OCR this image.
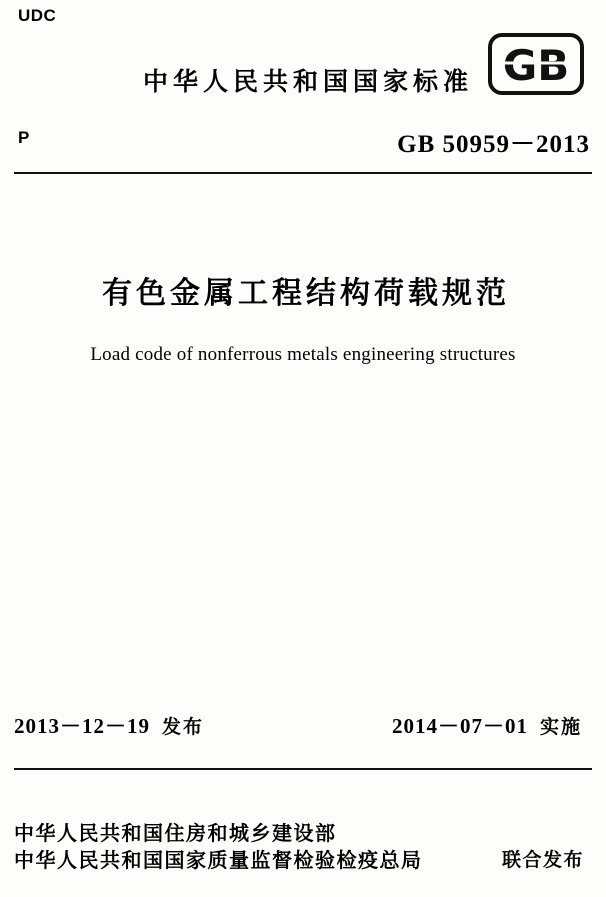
UDC
中华人民共和国国家标准 GB
P	GB 50959－2013
有色金属工程结构荷载规范
Load code of nonferrous metals engineering structures
2013－12－19 发布	2014－07－01 实施
中华人民共和国住房和城乡建设部
中华人民共和国国家质量监督检验检疫总局	联合发布
